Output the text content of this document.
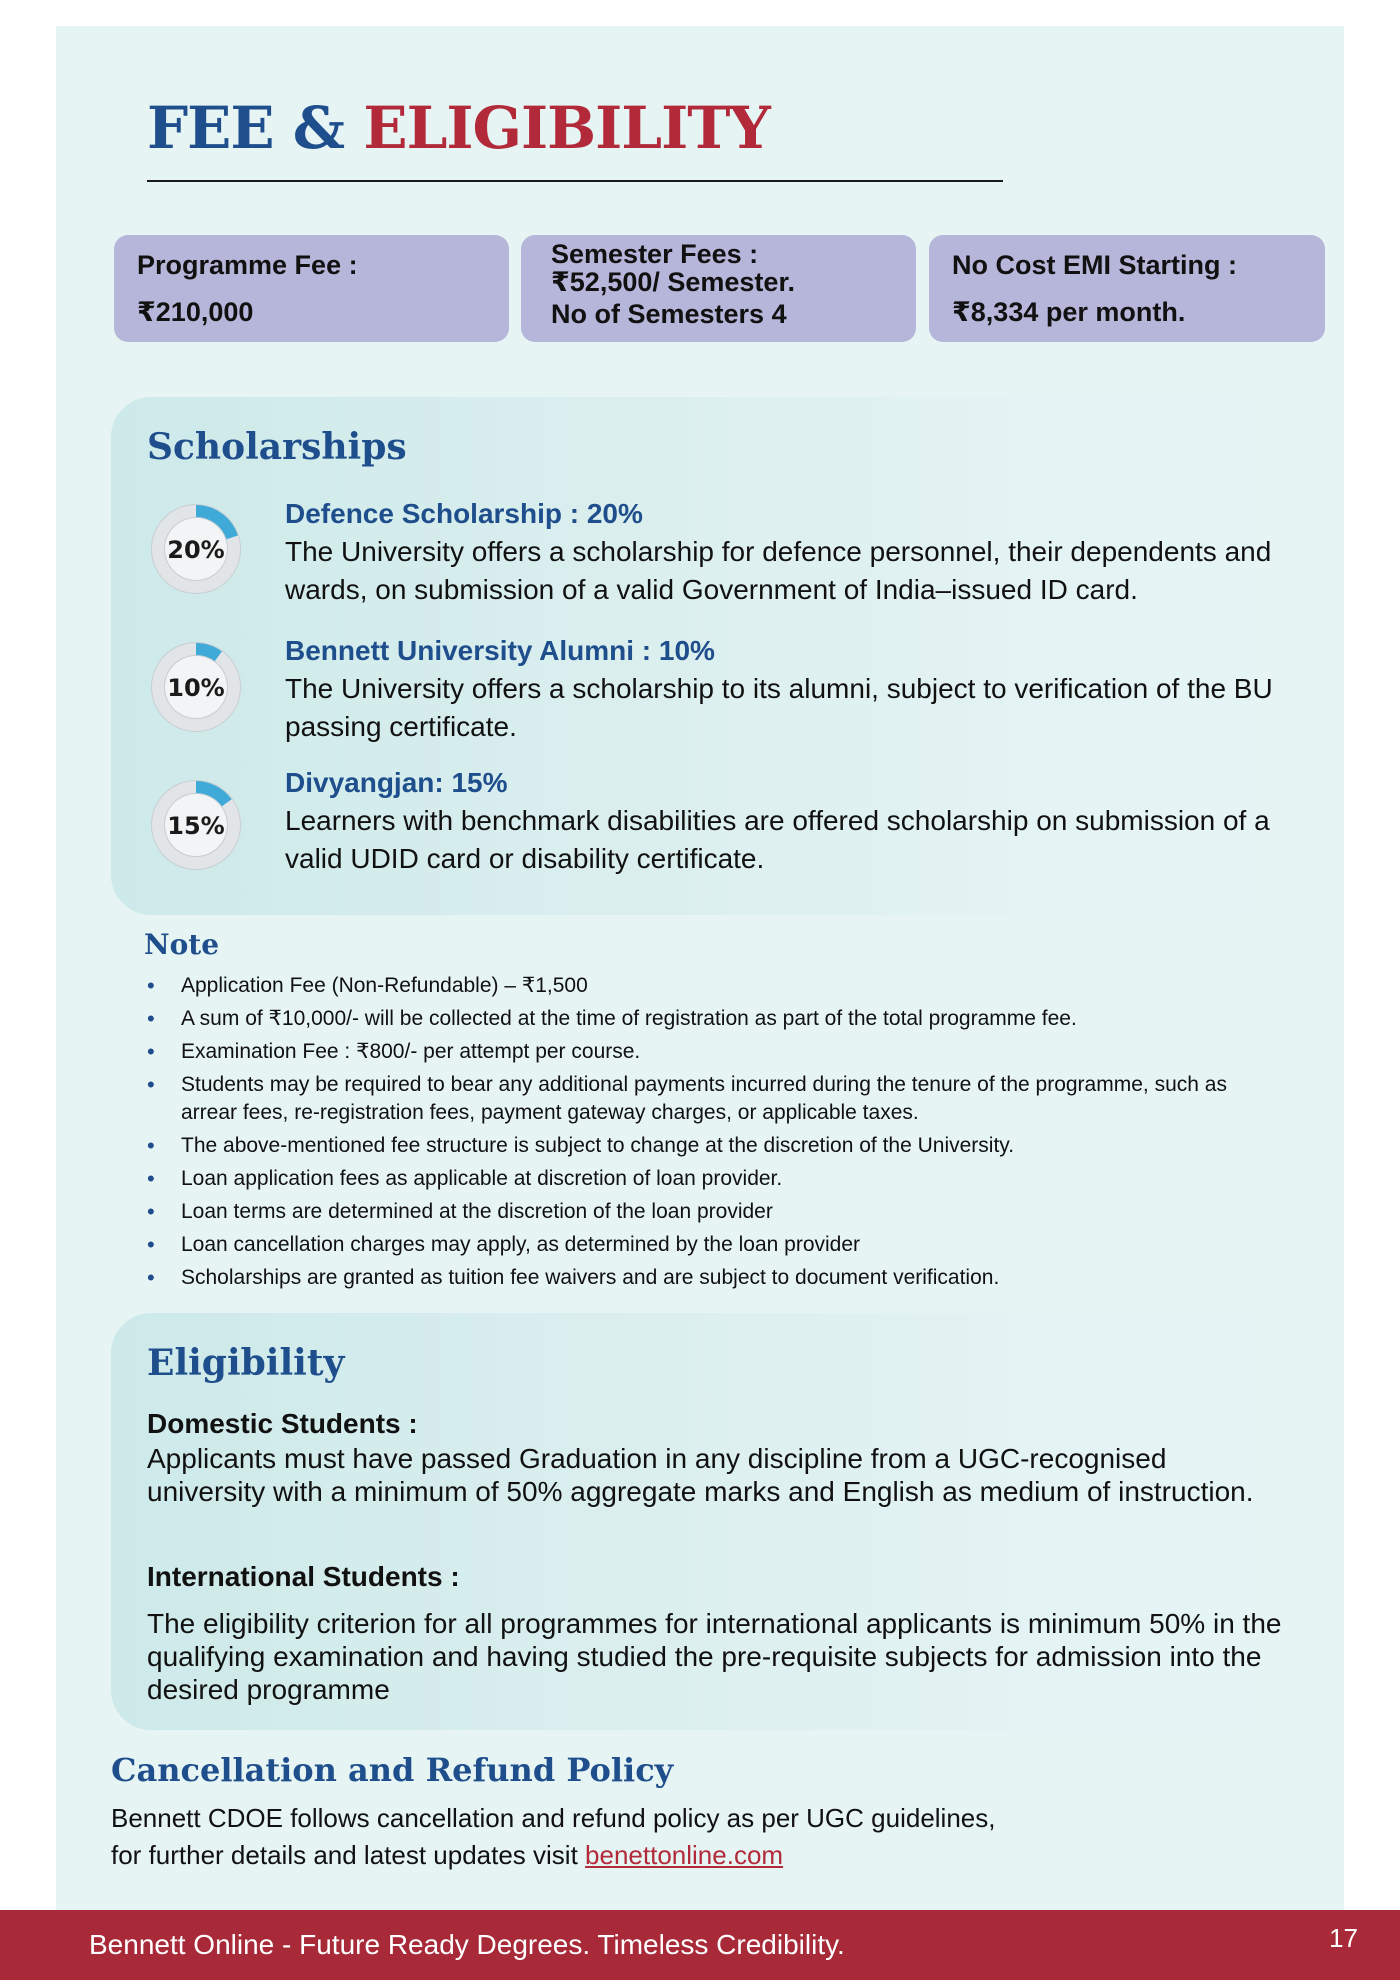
FEE & ELIGIBILITY
Programme Fee :
₹210,000
Semester Fees :
₹52,500/ Semester.
No of Semesters 4
No Cost EMI Starting :
₹8,334 per month.
Scholarships
20%
Defence Scholarship : 20%
The University offers a scholarship for defence personnel, their dependents and wards, on submission of a valid Government of India–issued ID card.
10%
Bennett University Alumni : 10%
The University offers a scholarship to its alumni, subject to verification of the BU passing certificate.
15%
Divyangjan: 15%
Learners with benchmark disabilities are offered scholarship on submission of a valid UDID card or disability certificate.
Note
• Application Fee (Non-Refundable) – ₹1,500
• A sum of ₹10,000/- will be collected at the time of registration as part of the total programme fee.
• Examination Fee : ₹800/- per attempt per course.
• Students may be required to bear any additional payments incurred during the tenure of the programme, such as arrear fees, re-registration fees, payment gateway charges, or applicable taxes.
• The above-mentioned fee structure is subject to change at the discretion of the University.
• Loan application fees as applicable at discretion of loan provider.
• Loan terms are determined at the discretion of the loan provider
• Loan cancellation charges may apply, as determined by the loan provider
• Scholarships are granted as tuition fee waivers and are subject to document verification.
Eligibility
Domestic Students :
Applicants must have passed Graduation in any discipline from a UGC-recognised university with a minimum of 50% aggregate marks and English as medium of instruction.
International Students :
The eligibility criterion for all programmes for international applicants is minimum 50% in the qualifying examination and having studied the pre-requisite subjects for admission into the desired programme
Cancellation and Refund Policy
Bennett CDOE follows cancellation and refund policy as per UGC guidelines,
for further details and latest updates visit benettonline.com
Bennett Online - Future Ready Degrees. Timeless Credibility.	17
